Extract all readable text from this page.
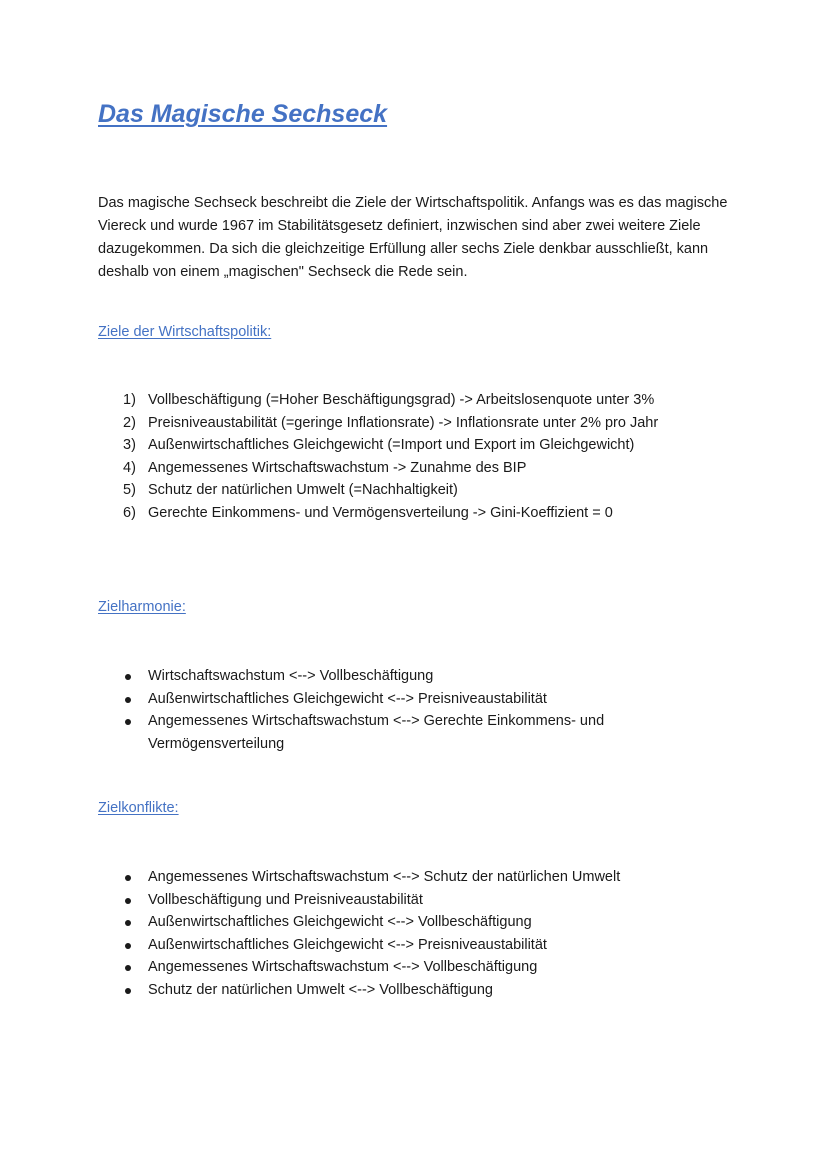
Das Magische Sechseck

Das magische Sechseck beschreibt die Ziele der Wirtschaftspolitik. Anfangs was es das magische Viereck und wurde 1967 im Stabilitätsgesetz definiert, inzwischen sind aber zwei weitere Ziele dazugekommen. Da sich die gleichzeitige Erfüllung aller sechs Ziele denkbar ausschließt, kann deshalb von einem „magischen" Sechseck die Rede sein.

Ziele der Wirtschaftspolitik:
1) Vollbeschäftigung (=Hoher Beschäftigungsgrad) -> Arbeitslosenquote unter 3%
2) Preisniveaustabilität (=geringe Inflationsrate) -> Inflationsrate unter 2% pro Jahr
3) Außenwirtschaftliches Gleichgewicht (=Import und Export im Gleichgewicht)
4) Angemessenes Wirtschaftswachstum -> Zunahme des BIP
5) Schutz der natürlichen Umwelt (=Nachhaltigkeit)
6) Gerechte Einkommens- und Vermögensverteilung -> Gini-Koeffizient = 0
Zielharmonie:
Wirtschaftswachstum <--> Vollbeschäftigung
Außenwirtschaftliches Gleichgewicht <--> Preisniveaustabilität
Angemessenes Wirtschaftswachstum <--> Gerechte Einkommens- und Vermögensverteilung
Zielkonflikte:
Angemessenes Wirtschaftswachstum <--> Schutz der natürlichen Umwelt
Vollbeschäftigung und Preisniveaustabilität
Außenwirtschaftliches Gleichgewicht <--> Vollbeschäftigung
Außenwirtschaftliches Gleichgewicht <--> Preisniveaustabilität
Angemessenes Wirtschaftswachstum <--> Vollbeschäftigung
Schutz der natürlichen Umwelt <--> Vollbeschäftigung
